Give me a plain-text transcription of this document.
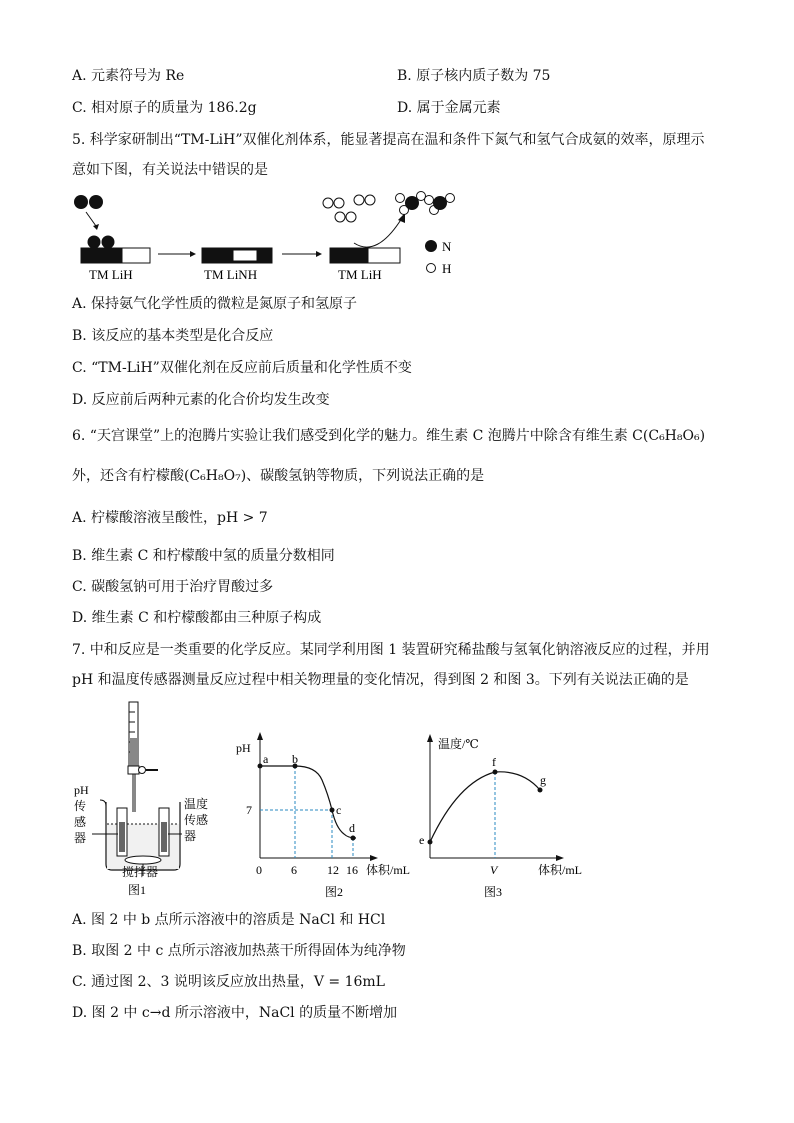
A. 元素符号为 Re	B. 原子核内质子数为 75
C. 相对原子的质量为 186.2g	D. 属于金属元素
5. 科学家研制出“TM-LiH”双催化剂体系，能显著提高在温和条件下氮气和氢气合成氨的效率，原理示
意如下图，有关说法中错误的是
TM LiH	TM LiNH	TM LiH
N
H
A. 保持氨气化学性质的微粒是氮原子和氢原子
B. 该反应的基本类型是化合反应
C. “TM-LiH”双催化剂在反应前后质量和化学性质不变
D. 反应前后两种元素的化合价均发生改变
6. “天宫课堂”上的泡腾片实验让我们感受到化学的魅力。维生素 C 泡腾片中除含有维生素 C(C₆H₈O₆)
外，还含有柠檬酸(C₆H₈O₇)、碳酸氢钠等物质，下列说法正确的是
A. 柠檬酸溶液呈酸性，pH > 7
B. 维生素 C 和柠檬酸中氢的质量分数相同
C. 碳酸氢钠可用于治疗胃酸过多
D. 维生素 C 和柠檬酸都由三种原子构成
7. 中和反应是一类重要的化学反应。某同学利用图 1 装置研究稀盐酸与氢氧化钠溶液反应的过程，并用
pH 和温度传感器测量反应过程中相关物理量的变化情况，得到图 2 和图 3。下列有关说法正确的是
pH
传
感
器
温度
传感
器
搅拌器
图1
pH
体积/mL
7
0 6	12 16
a b
c
d
图2
温度/℃
体积/mL
V
e
f
g
图3
A. 图 2 中 b 点所示溶液中的溶质是 NaCl 和 HCl
B. 取图 2 中 c 点所示溶液加热蒸干所得固体为纯净物
C. 通过图 2、3 说明该反应放出热量，V = 16mL
D. 图 2 中 c→d 所示溶液中，NaCl 的质量不断增加
